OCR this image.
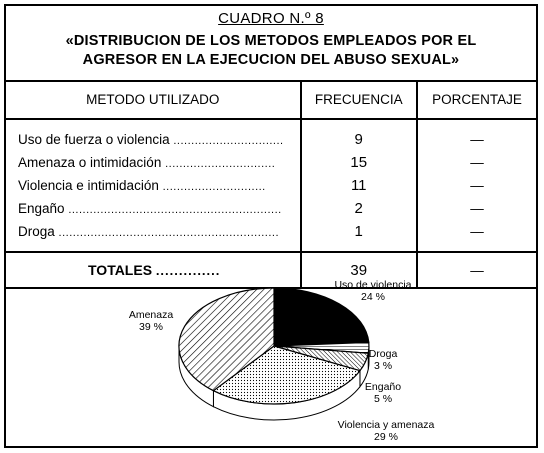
CUADRO N.º 8
«DISTRIBUCION DE LOS METODOS EMPLEADOS POR EL
AGRESOR EN LA EJECUCION DEL ABUSO SEXUAL»
METODO UTILIZADO	FRECUENCIA	PORCENTAJE
Uso de fuerza o violencia ...............................	9	—
Amenaza o intimidación ...............................	15	—
Violencia e intimidación .............................	11	—
Engaño ............................................................	2	—
Droga ..............................................................	1	—
TOTALES ..............	39	—
Uso de violencia
24 %
Droga
3 %
Engaño
5 %
Violencia y amenaza
29 %
Amenaza
39 %
